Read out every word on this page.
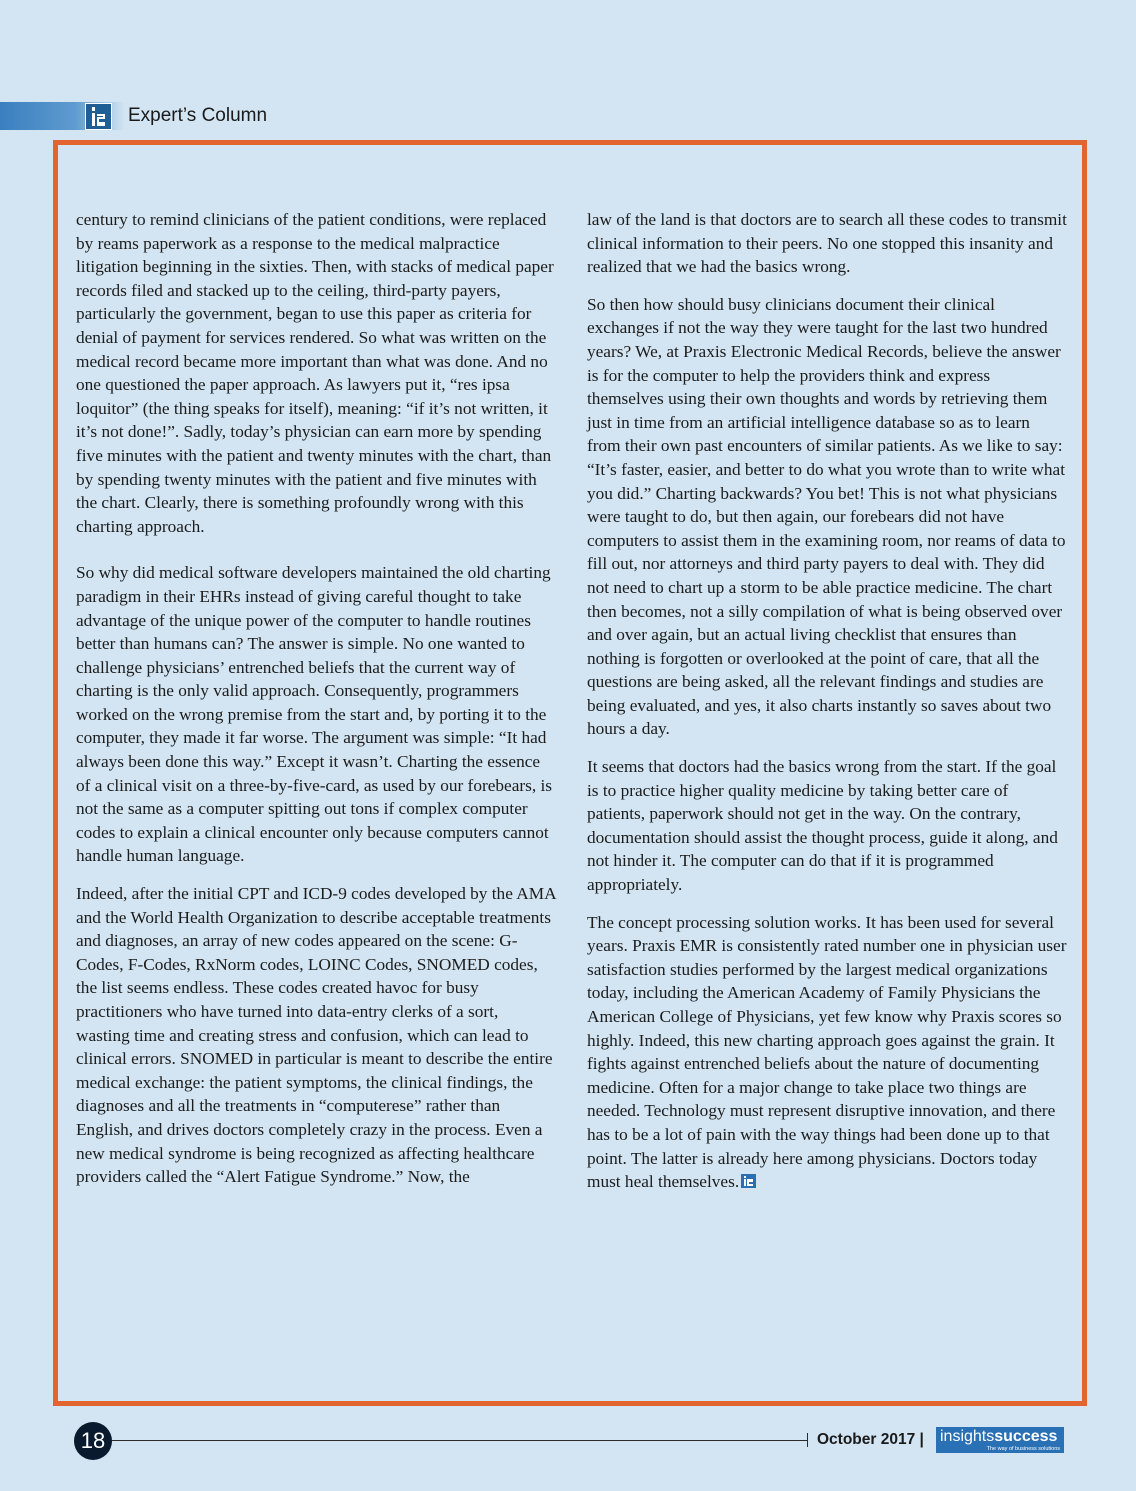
Expert’s Column

century to remind clinicians of the patient conditions, were replaced by reams paperwork as a response to the medical malpractice litigation beginning in the sixties. Then, with stacks of medical paper records filed and stacked up to the ceiling, third-party payers, particularly the government, began to use this paper as criteria for denial of payment for services rendered. So what was written on the medical record became more important than what was done. And no one questioned the paper approach. As lawyers put it, “res ipsa loquitor” (the thing speaks for itself), meaning: “if it’s not written, it it’s not done!”. Sadly, today’s physician can earn more by spending five minutes with the patient and twenty minutes with the chart, than by spending twenty minutes with the patient and five minutes with the chart. Clearly, there is something profoundly wrong with this charting approach.

So why did medical software developers maintained the old charting paradigm in their EHRs instead of giving careful thought to take advantage of the unique power of the computer to handle routines better than humans can? The answer is simple. No one wanted to challenge physicians’ entrenched beliefs that the current way of charting is the only valid approach. Consequently, programmers worked on the wrong premise from the start and, by porting it to the computer, they made it far worse. The argument was simple: “It had always been done this way.” Except it wasn’t. Charting the essence of a clinical visit on a three-by-five-card, as used by our forebears, is not the same as a computer spitting out tons if complex computer codes to explain a clinical encounter only because computers cannot handle human language.

Indeed, after the initial CPT and ICD-9 codes developed by the AMA and the World Health Organization to describe acceptable treatments and diagnoses, an array of new codes appeared on the scene: G-Codes, F-Codes, RxNorm codes, LOINC Codes, SNOMED codes, the list seems endless. These codes created havoc for busy practitioners who have turned into data-entry clerks of a sort, wasting time and creating stress and confusion, which can lead to clinical errors. SNOMED in particular is meant to describe the entire medical exchange: the patient symptoms, the clinical findings, the diagnoses and all the treatments in “computerese” rather than English, and drives doctors completely crazy in the process. Even a new medical syndrome is being recognized as affecting healthcare providers called the “Alert Fatigue Syndrome.” Now, the

law of the land is that doctors are to search all these codes to transmit clinical information to their peers. No one stopped this insanity and realized that we had the basics wrong.

So then how should busy clinicians document their clinical exchanges if not the way they were taught for the last two hundred years? We, at Praxis Electronic Medical Records, believe the answer is for the computer to help the providers think and express themselves using their own thoughts and words by retrieving them just in time from an artificial intelligence database so as to learn from their own past encounters of similar patients. As we like to say: “It’s faster, easier, and better to do what you wrote than to write what you did.” Charting backwards? You bet! This is not what physicians were taught to do, but then again, our forebears did not have computers to assist them in the examining room, nor reams of data to fill out, nor attorneys and third party payers to deal with. They did not need to chart up a storm to be able practice medicine. The chart then becomes, not a silly compilation of what is being observed over and over again, but an actual living checklist that ensures than nothing is forgotten or overlooked at the point of care, that all the questions are being asked, all the relevant findings and studies are being evaluated, and yes, it also charts instantly so saves about two hours a day.

It seems that doctors had the basics wrong from the start. If the goal is to practice higher quality medicine by taking better care of patients, paperwork should not get in the way. On the contrary, documentation should assist the thought process, guide it along, and not hinder it. The computer can do that if it is programmed appropriately.

The concept processing solution works. It has been used for several years. Praxis EMR is consistently rated number one in physician user satisfaction studies performed by the largest medical organizations today, including the American Academy of Family Physicians the American College of Physicians, yet few know why Praxis scores so highly. Indeed, this new charting approach goes against the grain. It fights against entrenched beliefs about the nature of documenting medicine. Often for a major change to take place two things are needed. Technology must represent disruptive innovation, and there has to be a lot of pain with the way things had been done up to that point. The latter is already here among physicians. Doctors today must heal themselves.

18	October 2017 | insightssuccess
The way of business solutions
